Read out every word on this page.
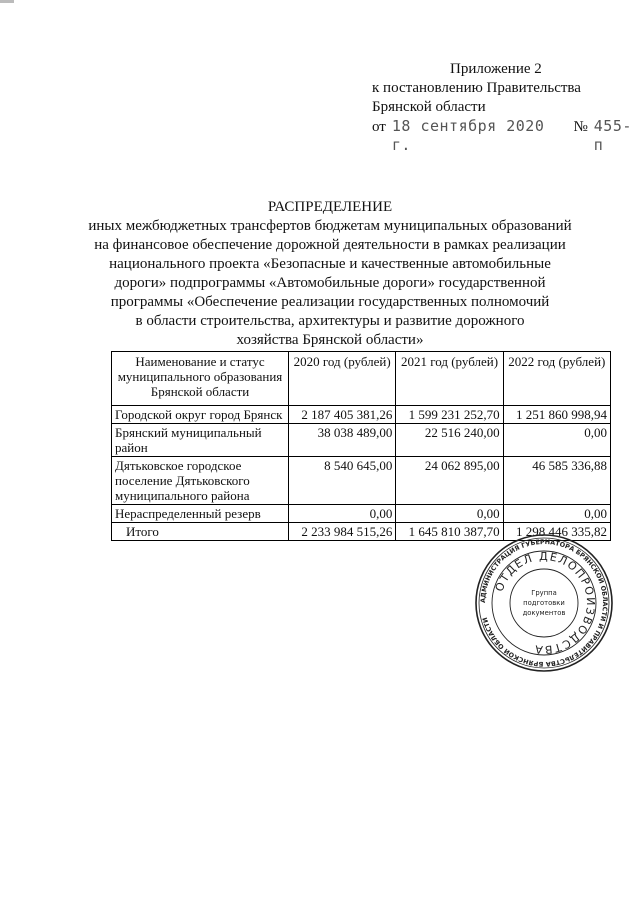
Приложение 2
к постановлению Правительства
Брянской области
от 18 сентября 2020 г.
№ 455-п
РАСПРЕДЕЛЕНИЕ
иных межбюджетных трансфертов бюджетам муниципальных образований
на финансовое обеспечение дорожной деятельности в рамках реализации
национального проекта «Безопасные и качественные автомобильные
дороги» подпрограммы «Автомобильные дороги» государственной
программы «Обеспечение реализации государственных полномочий
в области строительства, архитектуры и развитие дорожного
хозяйства Брянской области»
Наименование и статус муниципального образования Брянской области	2020 год (рублей)	2021 год (рублей)	2022 год (рублей)
Городской округ город Брянск	2 187 405 381,26	1 599 231 252,70	1 251 860 998,94
Брянский муниципальный район	38 038 489,00	22 516 240,00	0,00
Дятьковское городское поселение Дятьковского муниципального района	8 540 645,00	24 062 895,00	46 585 336,88
Нераспределенный резерв	0,00	0,00	0,00
Итого	2 233 984 515,26	1 645 810 387,70	1 298 446 335,82
АДМИНИСТРАЦИЯ ГУБЕРНАТОРА БРЯНСКОЙ ОБЛАСТИ И ПРАВИТЕЛЬСТВА БРЯНСКОЙ ОБЛАСТИ
ОТДЕЛ ДЕЛОПРОИЗВОДСТВА
Группа
подготовки
документов
